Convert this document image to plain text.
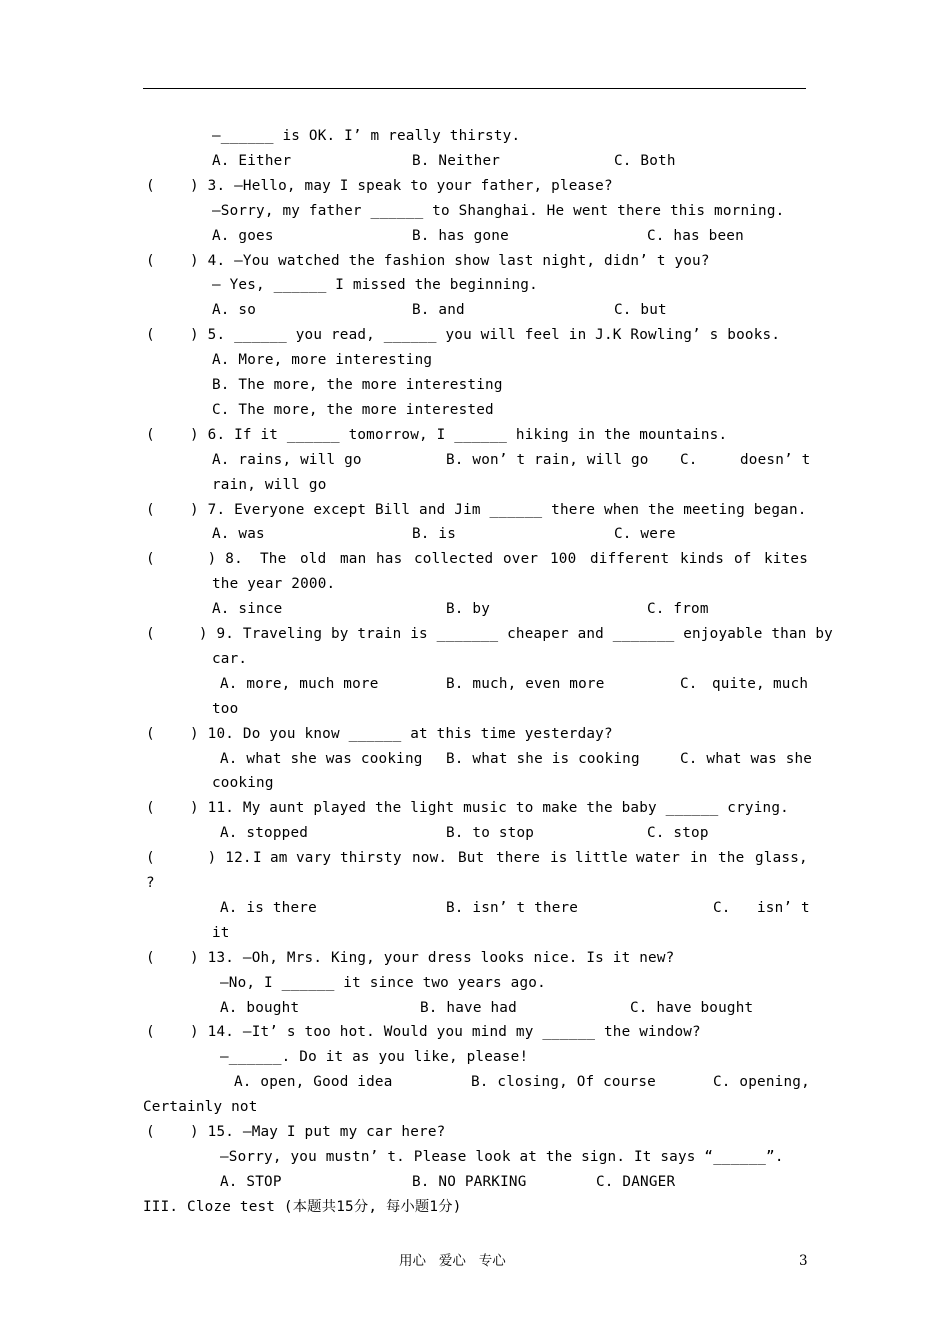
—______ is OK. I’ m really thirsty.
A. Either	B. Neither	C. Both
(    ) 3. —Hello, may I speak to your father, please?
—Sorry, my father ______ to Shanghai. He went there this morning.
A. goes	B. has gone	C. has been
(    ) 4. —You watched the fashion show last night, didn’ t you?
— Yes, ______ I missed the beginning.
A. so	B. and	C. but
(    ) 5. ______ you read, ______ you will feel in J.K Rowling’ s books.
A. More, more interesting
B. The more, the more interesting
C. The more, the more interested
(    ) 6. If it ______ tomorrow, I ______ hiking in the mountains.
A. rains, will go	B. won’ t rain, will go C.	doesn’ t
rain, will go
(    ) 7. Everyone except Bill and Jim ______ there when the meeting began.
A. was	B. is	C. were
(      ) 8. The old man has collected over 100 different kinds of kites
the year 2000.
A. since	B. by	C. from
(     ) 9. Traveling by train is _______ cheaper and _______ enjoyable than by
car.
A. more, much more	B. much, even more	C. quite, much
too
(    ) 10. Do you know ______ at this time yesterday?
A. what she was cooking B. what she is cooking	C. what was she
cooking
(    ) 11. My aunt played the light music to make the baby ______ crying.
A. stopped	B. to stop	C. stop
(      ) 12. I am vary thirsty now. But there is little water in the glass,
?
A. is there	B. isn’ t there	C. isn’ t
it
(    ) 13. —Oh, Mrs. King, your dress looks nice. Is it new?
—No, I ______ it since two years ago.
A. bought	B. have had	C. have bought
(    ) 14. —It’ s too hot. Would you mind my ______ the window?
—______. Do it as you like, please!
A. open, Good idea	B. closing, Of course	C. opening,
Certainly not
(    ) 15. —May I put my car here?
—Sorry, you mustn’ t. Please look at the sign. It says “______”.
A. STOP	B. NO PARKING	C. DANGER
III. Cloze test (本题共15分, 每小题1分)
用心   爱心   专心	3
